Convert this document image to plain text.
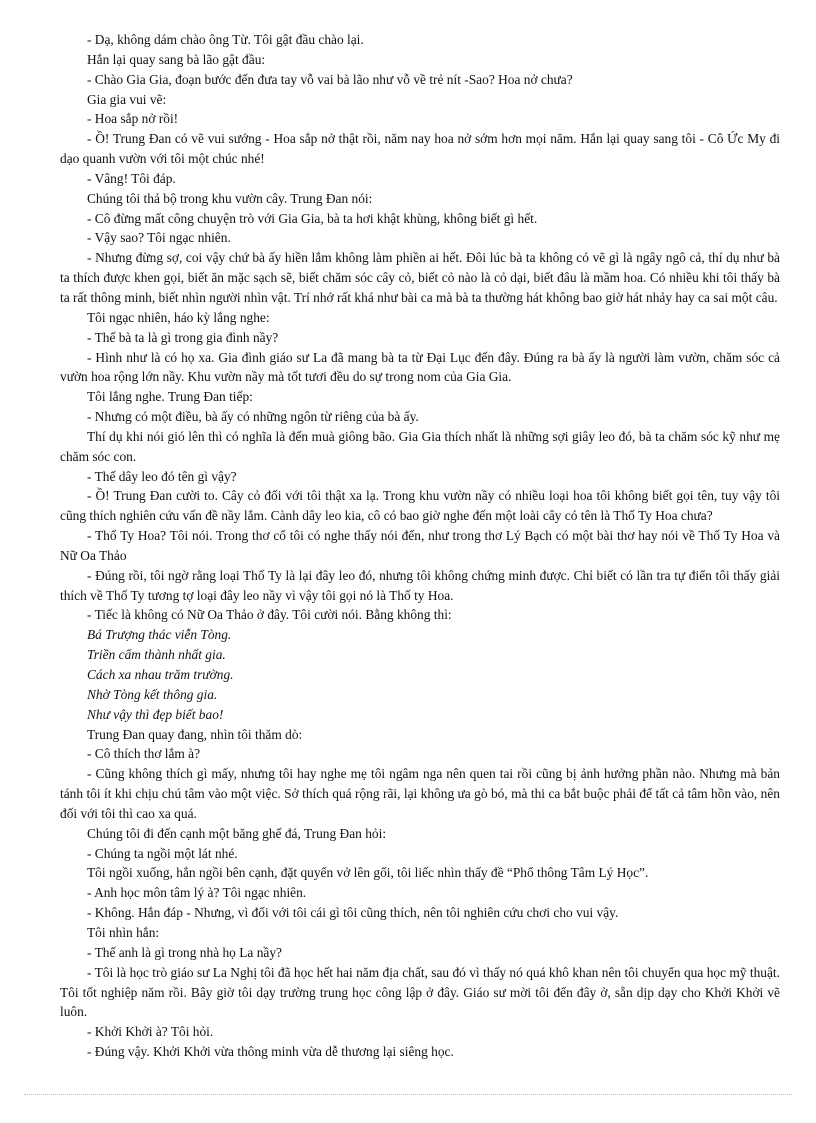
- Dạ, không dám chào ông Từ. Tôi gật đầu chào lại.

Hắn lại quay sang bà lão gật đầu:

- Chào Gia Gia, đoạn bước đến đưa tay vỗ vai bà lão như vỗ về trẻ nít -Sao? Hoa nở chưa?

Gia gia vui vẽ:

- Hoa sắp nở rồi!

- Ồ! Trung Đan có vẽ vui sướng - Hoa sắp nở thật rồi, năm nay hoa nở sớm hơn mọi năm. Hắn lại quay sang tôi - Cô Ức My đi dạo quanh vườn với tôi một chúc nhé!

- Vâng! Tôi đáp.

Chúng tôi thả bộ trong khu vườn cây. Trung Đan nói:

- Cô đừng mất công chuyện trò với Gia Gia, bà ta hơi khật khùng, không biết gì hết.

- Vậy sao? Tôi ngạc nhiên.

- Nhưng đừng sợ, coi vậy chứ bà ấy hiền lắm không làm phiền ai hết. Đôi lúc bà ta không có vẽ gì là ngây ngô cả, thí dụ như bà ta thích được khen gọi, biết ăn mặc sạch sẽ, biết chăm sóc cây cỏ, biết cỏ nào là cỏ dại, biết đâu là mầm hoa. Có nhiều khi tôi thấy bà ta rất thông minh, biết nhìn người nhìn vật. Trí nhớ rất khá như bài ca mà bà ta thường hát không bao giờ hát nhảy hay ca sai một câu.

Tôi ngạc nhiên, háo kỳ lắng nghe:

- Thế bà ta là gì trong gia đình nầy?

- Hình như là có họ xa. Gia đình giáo sư La đã mang bà ta từ Đại Lục đến đây. Đúng ra bà ấy là người làm vườn, chăm sóc cả vườn hoa rộng lớn nầy. Khu vườn nầy mà tốt tươi đều do sự trong nom của Gia Gia.

Tôi lắng nghe. Trung Đan tiếp:

- Nhưng có một điều, bà ấy có những ngôn từ riêng của bà ấy.

Thí dụ khi nói gió lên thì có nghĩa là đến muà giông bão. Gia Gia thích nhất là những sợi giây leo đó, bà ta chăm sóc kỹ như mẹ chăm sóc con.

- Thế dây leo đó tên gì vậy?

- Ồ! Trung Đan cười to. Cây cỏ đối với tôi thật xa lạ. Trong khu vườn nầy có nhiều loại hoa tôi không biết gọi tên, tuy vậy tôi cũng thích nghiên cứu vấn đề nầy lắm. Cành dây leo kia, cô có bao giờ nghe đến một loài cây có tên là Thố Ty Hoa chưa?

- Thố Ty Hoa? Tôi nói. Trong thơ cổ tôi có nghe thấy nói đến, như trong thơ Lý Bạch có một bài thơ hay nói về Thố Ty Hoa và Nữ Oa Thảo

- Đúng rồi, tôi ngờ rằng loại Thố Ty là lại đây leo đó, nhưng tôi không chứng minh được. Chỉ biết có lần tra tự điển tôi thấy giải thích về Thố Ty tương tợ loại đây leo nầy vì vậy tôi gọi nó là Thố ty Hoa.

- Tiếc là không có Nữ Oa Thảo ở đây. Tôi cười nói. Bằng không thì:

Bá Trượng thác viễn Tòng.

Triền cẩm thành nhất gia.

Cách xa nhau trăm trường.

Nhờ Tòng kết thông gia.

Như vậy thì đẹp biết bao!

Trung Đan quay đang, nhìn tôi thăm dò:

- Cô thích thơ lắm à?

- Cũng không thích gì mấy, nhưng tôi hay nghe mẹ tôi ngâm nga nên quen tai rồi cũng bị ảnh hưởng phần nào. Nhưng mà bản tánh tôi ít khi chịu chú tâm vào một việc. Sở thích quá rộng rãi, lại không ưa gò bó, mà thi ca bắt buộc phải để tất cả tâm hồn vào, nên đối với tôi thì cao xa quá.

Chúng tôi đi đến cạnh một băng ghế đá, Trung Đan hỏi:

- Chúng ta ngồi một lát nhé.

Tôi ngồi xuống, hắn ngồi bên cạnh, đặt quyển vở lên gối, tôi liếc nhìn thấy đề “Phổ thông Tâm Lý Học”.

- Anh học môn tâm lý à? Tôi ngạc nhiên.

- Không. Hắn đáp - Nhưng, vì đối với tôi cái gì tôi cũng thích, nên tôi nghiên cứu chơi cho vui vậy.

Tôi nhìn hắn:

- Thế anh là gì trong nhà họ La nầy?

- Tôi là học trò giáo sư La Nghị tôi đã học hết hai năm địa chất, sau đó vì thấy nó quá khô khan nên tôi chuyển qua học mỹ thuật. Tôi tốt nghiệp năm rồi. Bây giờ tôi dạy trường trung học công lập ở đây. Giáo sư mời tôi đến đây ở, sẵn dịp dạy cho Khởi Khởi vẽ luôn.

- Khởi Khởi à? Tôi hỏi.

- Đúng vậy. Khởi Khởi vừa thông minh vừa dễ thương lại siêng học.
